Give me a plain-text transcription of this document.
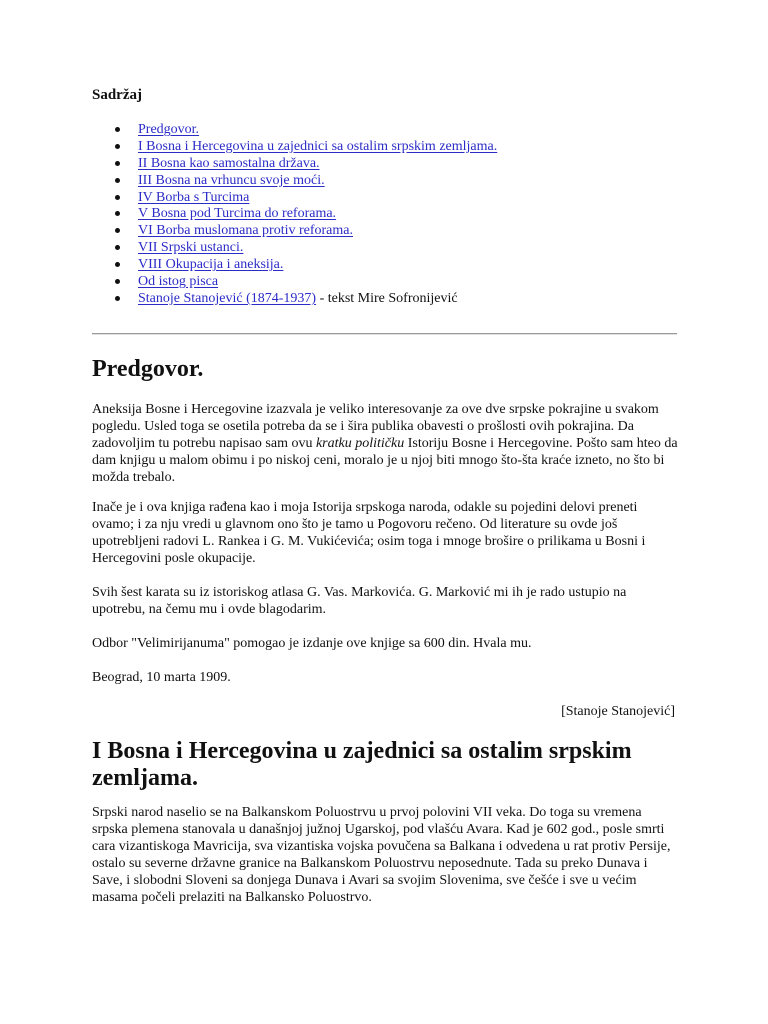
Sadržaj
Predgovor.
I Bosna i Hercegovina u zajednici sa ostalim srpskim zemljama.
II Bosna kao samostalna država.
III Bosna na vrhuncu svoje moći.
IV Borba s Turcima
V Bosna pod Turcima do reforama.
VI Borba muslomana protiv reforama.
VII Srpski ustanci.
VIII Okupacija i aneksija.
Od istog pisca
Stanoje Stanojević (1874-1937) - tekst Mire Sofronijević
Predgovor.

Aneksija Bosne i Hercegovine izazvala je veliko interesovanje za ove dve srpske pokrajine u svakom pogledu. Usled toga se osetila potreba da se i šira publika obavesti o prošlosti ovih pokrajina. Da zadovoljim tu potrebu napisao sam ovu kratku političku Istoriju Bosne i Hercegovine. Pošto sam hteo da dam knjigu u malom obimu i po niskoj ceni, moralo je u njoj biti mnogo što-šta kraće izneto, no što bi možda trebalo.

Inače je i ova knjiga rađena kao i moja Istorija srpskoga naroda, odakle su pojedini delovi preneti ovamo; i za nju vredi u glavnom ono što je tamo u Pogovoru rečeno. Od literature su ovde još upotrebljeni radovi L. Rankea i G. M. Vukićevića; osim toga i mnoge brošire o prilikama u Bosni i Hercegovini posle okupacije.

Svih šest karata su iz istoriskog atlasa G. Vas. Markovića. G. Marković mi ih je rado ustupio na upotrebu, na čemu mu i ovde blagodarim.

Odbor "Velimirijanuma" pomogao je izdanje ove knjige sa 600 din. Hvala mu.

Beograd, 10 marta 1909.

[Stanoje Stanojević]

I Bosna i Hercegovina u zajednici sa ostalim srpskim zemljama.

Srpski narod naselio se na Balkanskom Poluostrvu u prvoj polovini VII veka. Do toga su vremena srpska plemena stanovala u današnjoj južnoj Ugarskoj, pod vlašću Avara. Kad je 602 god., posle smrti cara vizantiskoga Mavricija, sva vizantiska vojska povučena sa Balkana i odvedena u rat protiv Persije, ostalo su severne državne granice na Balkanskom Poluostrvu neposednute. Tada su preko Dunava i Save, i slobodni Sloveni sa donjega Dunava i Avari sa svojim Slovenima, sve češće i sve u većim masama počeli prelaziti na Balkansko Poluostrvo.
